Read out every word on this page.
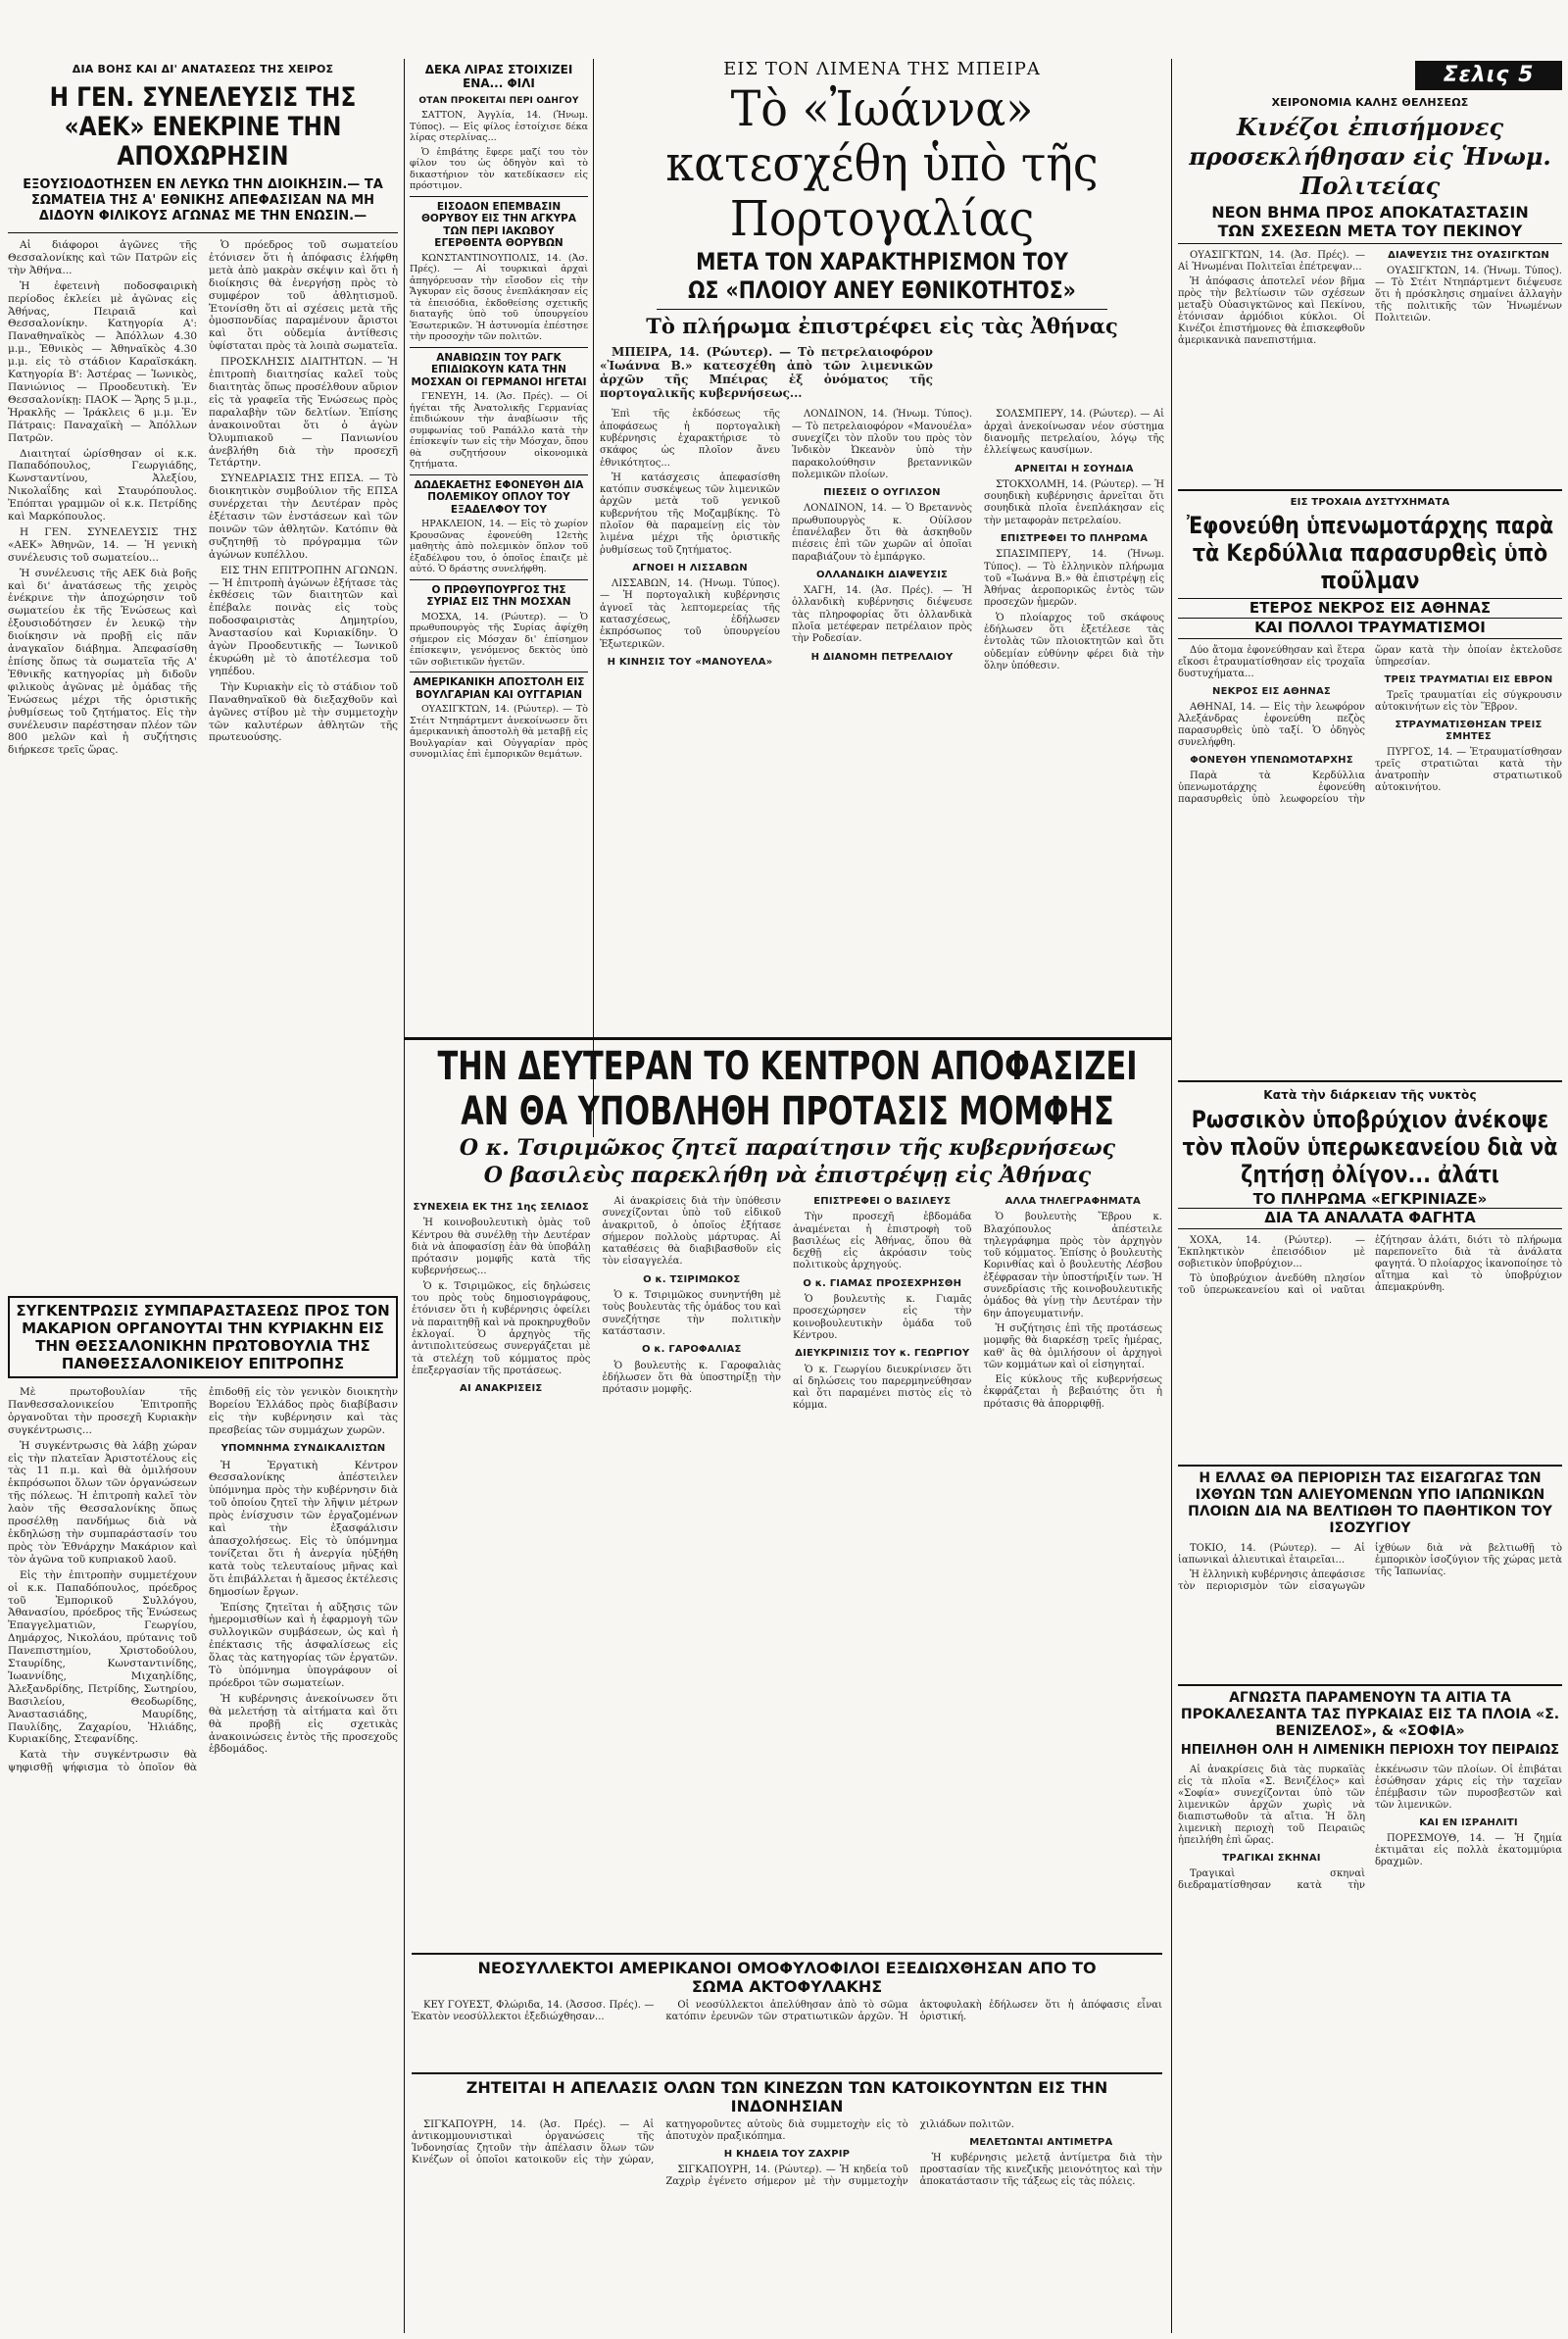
ΔΙΑ ΒΟΗΣ ΚΑΙ ΔΙ' ΑΝΑΤΑΣΕΩΣ ΤΗΣ ΧΕΙΡΟΣ
Η ΓΕΝ. ΣΥΝΕΛΕΥΣΙΣ ΤΗΣ «ΑΕΚ» ΕΝΕΚΡΙΝΕ ΤΗΝ ΑΠΟΧΩΡΗΣΙΝ
ΕΞΟΥΣΙΟΔΟΤΗΣΕΝ ΕΝ ΛΕΥΚΩ ΤΗΝ ΔΙΟΙΚΗΣΙΝ.— ΤΑ ΣΩΜΑΤΕΙΑ ΤΗΣ Α' ΕΘΝΙΚΗΣ ΑΠΕΦΑΣΙΣΑΝ ΝΑ ΜΗ ΔΙΔΟΥΝ ΦΙΛΙΚΟΥΣ ΑΓΩΝΑΣ ΜΕ ΤΗΝ ΕΝΩΣΙΝ.—

Αἱ διάφοροι ἀγῶνες τῆς Θεσσαλονίκης καὶ τῶν Πατρῶν εἰς τὴν Ἀθήνα...

Ἡ ἐφετεινὴ ποδοσφαιρικὴ περίοδος ἐκλείει μὲ ἀγῶνας εἰς Ἀθήνας, Πειραιᾶ καὶ Θεσσαλονίκην. Κατηγορία Α': Παναθηναϊκὸς — Ἀπόλλων 4.30 μ.μ., Ἐθνικὸς — Ἀθηναϊκὸς 4.30 μ.μ. εἰς τὸ στάδιον Καραϊσκάκη. Κατηγορία Β': Ἀστέρας — Ἰωνικὸς, Πανιώνιος — Προοδευτικὴ. Ἐν Θεσσαλονίκῃ: ΠΑΟΚ — Ἄρης 5 μ.μ., Ἡρακλῆς — Ἰράκλεις 6 μ.μ. Ἐν Πάτραις: Παναχαϊκὴ — Ἀπόλλων Πατρῶν.

Διαιτηταί ὡρίσθησαν οἱ κ.κ. Παπαδόπουλος, Γεωργιάδης, Κωνσταντίνου, Ἀλεξίου, Νικολαΐδης καὶ Σταυρόπουλος. Ἐπόπται γραμμῶν οἱ κ.κ. Πετρίδης καὶ Μαρκόπουλος.

Η ΓΕΝ. ΣΥΝΕΛΕΥΣΙΣ ΤΗΣ «ΑΕΚ» Ἀθηνῶν, 14. — Ἡ γενικὴ συνέλευσις τοῦ σωματείου...

Ἡ συνέλευσις τῆς ΑΕΚ διὰ βοῆς καὶ δι' ἀνατάσεως τῆς χειρὸς ἐνέκρινε τὴν ἀποχώρησιν τοῦ σωματείου ἐκ τῆς Ἐνώσεως καὶ ἐξουσιοδότησεν ἐν λευκῷ τὴν διοίκησιν νὰ προβῇ εἰς πᾶν ἀναγκαῖον διάβημα. Ἀπεφασίσθη ἐπίσης ὅπως τὰ σωματεῖα τῆς Α' Ἐθνικῆς κατηγορίας μὴ διδοῦν φιλικοὺς ἀγῶνας μὲ ὁμάδας τῆς Ἐνώσεως μέχρι τῆς ὁριστικῆς ῥυθμίσεως τοῦ ζητήματος. Εἰς τὴν συνέλευσιν παρέστησαν πλέον τῶν 800 μελῶν καὶ ἡ συζήτησις διήρκεσε τρεῖς ὥρας.

Ὁ πρόεδρος τοῦ σωματείου ἐτόνισεν ὅτι ἡ ἀπόφασις ἐλήφθη μετὰ ἀπὸ μακρὰν σκέψιν καὶ ὅτι ἡ διοίκησις θὰ ἐνεργήσῃ πρὸς τὸ συμφέρον τοῦ ἀθλητισμοῦ. Ἐτονίσθη ὅτι αἱ σχέσεις μετὰ τῆς ὁμοσπονδίας παραμένουν ἄριστοι καὶ ὅτι οὐδεμία ἀντίθεσις ὑφίσταται πρὸς τὰ λοιπὰ σωματεῖα.

ΠΡΟΣΚΛΗΣΙΣ ΔΙΑΙΤΗΤΩΝ. — Ἡ ἐπιτροπὴ διαιτησίας καλεῖ τοὺς διαιτητὰς ὅπως προσέλθουν αὔριον εἰς τὰ γραφεῖα τῆς Ἐνώσεως πρὸς παραλαβὴν τῶν δελτίων. Ἐπίσης ἀνακοινοῦται ὅτι ὁ ἀγὼν Ὀλυμπιακοῦ — Πανιωνίου ἀνεβλήθη διὰ τὴν προσεχῆ Τετάρτην.

ΣΥΝΕΔΡΙΑΣΙΣ ΤΗΣ ΕΠΣΑ. — Τὸ διοικητικὸν συμβούλιον τῆς ΕΠΣΑ συνέρχεται τὴν Δευτέραν πρὸς ἐξέτασιν τῶν ἐνστάσεων καὶ τῶν ποινῶν τῶν ἀθλητῶν. Κατόπιν θὰ συζητηθῇ τὸ πρόγραμμα τῶν ἀγώνων κυπέλλου.

ΕΙΣ ΤΗΝ ΕΠΙΤΡΟΠΗΝ ΑΓΩΝΩΝ. — Ἡ ἐπιτροπὴ ἀγώνων ἐξήτασε τὰς ἐκθέσεις τῶν διαιτητῶν καὶ ἐπέβαλε ποινὰς εἰς τοὺς ποδοσφαιριστὰς Δημητρίου, Ἀναστασίου καὶ Κυριακίδην. Ὁ ἀγὼν Προοδευτικῆς — Ἰωνικοῦ ἐκυρώθη μὲ τὸ ἀποτέλεσμα τοῦ γηπέδου.

Τὴν Κυριακὴν εἰς τὸ στάδιον τοῦ Παναθηναϊκοῦ θὰ διεξαχθοῦν καὶ ἀγῶνες στίβου μὲ τὴν συμμετοχὴν τῶν καλυτέρων ἀθλητῶν τῆς πρωτευούσης.

ΣΥΓΚΕΝΤΡΩΣΙΣ ΣΥΜΠΑΡΑΣΤΑΣΕΩΣ ΠΡΟΣ ΤΟΝ ΜΑΚΑΡΙΟΝ ΟΡΓΑΝΟΥΤΑΙ ΤΗΝ ΚΥΡΙΑΚΗΝ ΕΙΣ ΤΗΝ ΘΕΣΣΑΛΟΝΙΚΗΝ ΠΡΩΤΟΒΟΥΛΙΑ ΤΗΣ ΠΑΝΘΕΣΣΑΛΟΝΙΚΕΙΟΥ ΕΠΙΤΡΟΠΗΣ

Μὲ πρωτοβουλίαν τῆς Πανθεσσαλονικείου Ἐπιτροπῆς ὀργανοῦται τὴν προσεχῆ Κυριακὴν συγκέντρωσις...

Ἡ συγκέντρωσις θὰ λάβῃ χώραν εἰς τὴν πλατεῖαν Ἀριστοτέλους εἰς τὰς 11 π.μ. καὶ θὰ ὁμιλήσουν ἐκπρόσωποι ὅλων τῶν ὀργανώσεων τῆς πόλεως. Ἡ ἐπιτροπὴ καλεῖ τὸν λαὸν τῆς Θεσσαλονίκης ὅπως προσέλθῃ πανδήμως διὰ νὰ ἐκδηλώσῃ τὴν συμπαράστασίν του πρὸς τὸν Ἐθνάρχην Μακάριον καὶ τὸν ἀγῶνα τοῦ κυπριακοῦ λαοῦ.

Εἰς τὴν ἐπιτροπὴν συμμετέχουν οἱ κ.κ. Παπαδόπουλος, πρόεδρος τοῦ Ἐμπορικοῦ Συλλόγου, Ἀθανασίου, πρόεδρος τῆς Ἑνώσεως Ἐπαγγελματιῶν, Γεωργίου, Δημάρχος, Νικολάου, πρύτανις τοῦ Πανεπιστημίου, Χριστοδούλου, Σταυρίδης, Κωνσταντινίδης, Ἰωαννίδης, Μιχαηλίδης, Ἀλεξανδρίδης, Πετρίδης, Σωτηρίου, Βασιλείου, Θεοδωρίδης, Ἀναστασιάδης, Μαυρίδης, Παυλίδης, Ζαχαρίου, Ἠλιάδης, Κυριακίδης, Στεφανίδης.

Κατὰ τὴν συγκέντρωσιν θὰ ψηφισθῇ ψήφισμα τὸ ὁποῖον θὰ ἐπιδοθῇ εἰς τὸν γενικὸν διοικητὴν Βορείου Ἑλλάδος πρὸς διαβίβασιν εἰς τὴν κυβέρνησιν καὶ τὰς πρεσβείας τῶν συμμάχων χωρῶν.

ΥΠΟΜΝΗΜΑ ΣΥΝΔΙΚΑΛΙΣΤΩΝ

Ἡ Ἐργατικὴ Κέντρον Θεσσαλονίκης ἀπέστειλεν ὑπόμνημα πρὸς τὴν κυβέρνησιν διὰ τοῦ ὁποίου ζητεῖ τὴν λῆψιν μέτρων πρὸς ἐνίσχυσιν τῶν ἐργαζομένων καὶ τὴν ἐξασφάλισιν ἀπασχολήσεως. Εἰς τὸ ὑπόμνημα τονίζεται ὅτι ἡ ἀνεργία ηὐξήθη κατὰ τοὺς τελευταίους μῆνας καὶ ὅτι ἐπιβάλλεται ἡ ἄμεσος ἐκτέλεσις δημοσίων ἔργων.

Ἐπίσης ζητεῖται ἡ αὔξησις τῶν ἡμερομισθίων καὶ ἡ ἐφαρμογὴ τῶν συλλογικῶν συμβάσεων, ὡς καὶ ἡ ἐπέκτασις τῆς ἀσφαλίσεως εἰς ὅλας τὰς κατηγορίας τῶν ἐργατῶν. Τὸ ὑπόμνημα ὑπογράφουν οἱ πρόεδροι τῶν σωματείων.

Ἡ κυβέρνησις ἀνεκοίνωσεν ὅτι θὰ μελετήσῃ τὰ αἰτήματα καὶ ὅτι θὰ προβῇ εἰς σχετικὰς ἀνακοινώσεις ἐντὸς τῆς προσεχοῦς ἑβδομάδος.

ΔΕΚΑ ΛΙΡΑΣ ΣΤΟΙΧΙΖΕΙ ΕΝΑ... ΦΙΛΙ
ΟΤΑΝ ΠΡΟΚΕΙΤΑΙ ΠΕΡΙ ΟΔΗΓΟΥ

ΣΑΤΤΟΝ, Ἀγγλία, 14. (Ἡνωμ. Τύπος). — Εἰς φίλος ἐστοίχισε δέκα λίρας στερλίνας...

Ὁ ἐπιβάτης ἔφερε μαζί του τὸν φίλον του ὡς ὁδηγὸν καὶ τὸ δικαστήριον τὸν κατεδίκασεν εἰς πρόστιμον.

ΕΙΣΟΔΟΝ ΕΠΕΜΒΑΣΙΝ ΘΟΡΥΒΟΥ ΕΙΣ ΤΗΝ ΑΓΚΥΡΑ ΤΩΝ ΠΕΡΙ ΙΑΚΩΒΟΥ ΕΓΕΡΘΕΝΤΑ ΘΟΡΥΒΩΝ

ΚΩΝΣΤΑΝΤΙΝΟΥΠΟΛΙΣ, 14. (Ἀσ. Πρές). — Αἱ τουρκικαὶ ἀρχαὶ ἀπηγόρευσαν τὴν εἴσοδον εἰς τὴν Ἄγκυραν εἰς ὅσους ἐνεπλάκησαν εἰς τὰ ἐπεισόδια, ἐκδοθείσης σχετικῆς διαταγῆς ὑπὸ τοῦ ὑπουργείου Ἐσωτερικῶν. Ἡ ἀστυνομία ἐπέστησε τὴν προσοχὴν τῶν πολιτῶν.

ΑΝΑΒΙΩΣΙΝ ΤΟΥ ΡΑΓΚ ΕΠΙΔΙΩΚΟΥΝ ΚΑΤΑ ΤΗΝ ΜΟΣΧΑΝ ΟΙ ΓΕΡΜΑΝΟΙ ΗΓΕΤΑΙ

ΓΕΝΕΥΗ, 14. (Ἀσ. Πρές). — Οἱ ἡγέται τῆς Ἀνατολικῆς Γερμανίας ἐπιδιώκουν τὴν ἀναβίωσιν τῆς συμφωνίας τοῦ Ραπάλλο κατὰ τὴν ἐπίσκεψίν των εἰς τὴν Μόσχαν, ὅπου θὰ συζητήσουν οἰκονομικὰ ζητήματα.

ΔΩΔΕΚΑΕΤΗΣ ΕΦΟΝΕΥΘΗ ΔΙΑ ΠΟΛΕΜΙΚΟΥ ΟΠΛΟΥ ΤΟΥ ΕΞΑΔΕΛΦΟΥ ΤΟΥ

ΗΡΑΚΛΕΙΟΝ, 14. — Εἰς τὸ χωρίον Κρουσῶνας ἐφονεύθη 12ετὴς μαθητὴς ἀπὸ πολεμικὸν ὅπλον τοῦ ἐξαδέλφου του, ὁ ὁποῖος ἐπαιζε μὲ αὐτό. Ὁ δράστης συνελήφθη.

Ο ΠΡΩΘΥΠΟΥΡΓΟΣ ΤΗΣ ΣΥΡΙΑΣ ΕΙΣ ΤΗΝ ΜΟΣΧΑΝ

ΜΟΣΧΑ, 14. (Ρώυτερ). — Ὁ πρωθυπουργὸς τῆς Συρίας ἀφίχθη σήμερον εἰς Μόσχαν δι' ἐπίσημον ἐπίσκεψιν, γενόμενος δεκτὸς ὑπὸ τῶν σοβιετικῶν ἡγετῶν.

ΑΜΕΡΙΚΑΝΙΚΗ ΑΠΟΣΤΟΛΗ ΕΙΣ ΒΟΥΛΓΑΡΙΑΝ ΚΑΙ ΟΥΓΓΑΡΙΑΝ

ΟΥΑΣΙΓΚΤΩΝ, 14. (Ρώυτερ). — Τὸ Στέιτ Ντηπάρτμεντ ἀνεκοίνωσεν ὅτι ἀμερικανικὴ ἀποστολὴ θὰ μεταβῇ εἰς Βουλγαρίαν καὶ Οὐγγαρίαν πρὸς συνομιλίας ἐπὶ ἐμπορικῶν θεμάτων.

ΕΙΣ ΤΟΝ ΛΙΜΕΝΑ ΤΗΣ ΜΠΕΙΡΑ
Τὸ «Ἰωάννα» κατεσχέθη ὑπὸ τῆς Πορτογαλίας
ΜΕΤΑ ΤΟΝ ΧΑΡΑΚΤΗΡΙΣΜΟΝ ΤΟΥ
ΩΣ «ΠΛΟΙΟΥ ΑΝΕΥ ΕΘΝΙΚΟΤΗΤΟΣ»
Τὸ πλήρωμα ἐπιστρέφει εἰς τὰς Ἀθήνας

ΜΠΕΙΡΑ, 14. (Ρώυτερ). — Τὸ πετρελαιοφόρον «Ἰωάννα Β.» κατεσχέθη ἀπὸ τῶν λιμενικῶν ἀρχῶν τῆς Μπέιρας ἐξ ὀνόματος τῆς πορτογαλικῆς κυβερνήσεως...

Ἐπὶ τῆς ἐκδόσεως τῆς ἀποφάσεως ἡ πορτογαλικὴ κυβέρνησις ἐχαρακτήρισε τὸ σκάφος ὡς πλοῖον ἄνευ ἐθνικότητος...

Ἡ κατάσχεσις ἀπεφασίσθη κατόπιν συσκέψεως τῶν λιμενικῶν ἀρχῶν μετὰ τοῦ γενικοῦ κυβερνήτου τῆς Μοζαμβίκης. Τὸ πλοῖον θὰ παραμείνῃ εἰς τὸν λιμένα μέχρι τῆς ὁριστικῆς ῥυθμίσεως τοῦ ζητήματος.

ΑΓΝΟΕΙ Η ΛΙΣΣΑΒΩΝ

ΛΙΣΣΑΒΩΝ, 14. (Ἡνωμ. Τύπος). — Ἡ πορτογαλικὴ κυβέρνησις ἀγνοεῖ τὰς λεπτομερείας τῆς κατασχέσεως, ἐδήλωσεν ἐκπρόσωπος τοῦ ὑπουργείου Ἐξωτερικῶν.

Η ΚΙΝΗΣΙΣ ΤΟΥ «ΜΑΝΟΥΕΛΑ»

ΛΟΝΔΙΝΟΝ, 14. (Ἡνωμ. Τύπος). — Τὸ πετρελαιοφόρον «Μανουέλα» συνεχίζει τὸν πλοῦν του πρὸς τὸν Ἰνδικὸν Ὠκεανὸν ὑπὸ τὴν παρακολούθησιν βρεταννικῶν πολεμικῶν πλοίων.

ΠΙΕΣΕΙΣ Ο ΟΥΓΙΛΣΟΝ

ΛΟΝΔΙΝΟΝ, 14. — Ὁ Βρεταννὸς πρωθυπουργὸς κ. Οὐίλσον ἐπανέλαβεν ὅτι θὰ ἀσκηθοῦν πιέσεις ἐπὶ τῶν χωρῶν αἱ ὁποῖαι παραβιάζουν τὸ ἐμπάργκο.

ΟΛΛΑΝΔΙΚΗ ΔΙΑΨΕΥΣΙΣ

ΧΑΓΗ, 14. (Ἀσ. Πρές). — Ἡ ὁλλανδικὴ κυβέρνησις διέψευσε τὰς πληροφορίας ὅτι ὁλλανδικὰ πλοῖα μετέφεραν πετρέλαιον πρὸς τὴν Ροδεσίαν.

Η ΔΙΑΝΟΜΗ ΠΕΤΡΕΛΑΙΟΥ

ΣΟΛΣΜΠΕΡΥ, 14. (Ρώυτερ). — Αἱ ἀρχαὶ ἀνεκοίνωσαν νέον σύστημα διανομῆς πετρελαίου, λόγῳ τῆς ἐλλείψεως καυσίμων.

ΑΡΝΕΙΤΑΙ Η ΣΟΥΗΔΙΑ

ΣΤΟΚΧΟΛΜΗ, 14. (Ρώυτερ). — Ἡ σουηδικὴ κυβέρνησις ἀρνεῖται ὅτι σουηδικὰ πλοῖα ἐνεπλάκησαν εἰς τὴν μεταφορὰν πετρελαίου.

ΕΠΙΣΤΡΕΦΕΙ ΤΟ ΠΛΗΡΩΜΑ

ΣΠΑΣΙΜΠΕΡΥ, 14. (Ἡνωμ. Τύπος). — Τὸ ἑλληνικὸν πλήρωμα τοῦ «Ἰωάννα Β.» θὰ ἐπιστρέψῃ εἰς Ἀθήνας ἀεροπορικῶς ἐντὸς τῶν προσεχῶν ἡμερῶν.

Ὁ πλοίαρχος τοῦ σκάφους ἐδήλωσεν ὅτι ἐξετέλεσε τὰς ἐντολὰς τῶν πλοιοκτητῶν καὶ ὅτι οὐδεμίαν εὐθύνην φέρει διὰ τὴν ὅλην ὑπόθεσιν.

ΤΗΝ ΔΕΥΤΕΡΑΝ ΤΟ ΚΕΝΤΡΟΝ ΑΠΟΦΑΣΙΖΕΙ
ΑΝ ΘΑ ΥΠΟΒΛΗΘΗ ΠΡΟΤΑΣΙΣ ΜΟΜΦΗΣ
Ο κ. Τσιριμῶκος ζητεῖ παραίτησιν τῆς κυβερνήσεως
Ο βασιλεὺς παρεκλήθη νὰ ἐπιστρέψῃ εἰς Ἀθήνας
ΣΥΝΕΧΕΙΑ ΕΚ ΤΗΣ 1ης ΣΕΛΙΔΟΣ

Ἡ κοινοβουλευτικὴ ὁμὰς τοῦ Κέντρου θὰ συνέλθῃ τὴν Δευτέραν διὰ νὰ ἀποφασίσῃ ἐὰν θὰ ὑποβάλῃ πρότασιν μομφῆς κατὰ τῆς κυβερνήσεως...

Ὁ κ. Τσιριμῶκος, εἰς δηλώσεις του πρὸς τοὺς δημοσιογράφους, ἐτόνισεν ὅτι ἡ κυβέρνησις ὀφείλει νὰ παραιτηθῇ καὶ νὰ προκηρυχθοῦν ἐκλογαί. Ὁ ἀρχηγὸς τῆς ἀντιπολιτεύσεως συνεργάζεται μὲ τὰ στελέχη τοῦ κόμματος πρὸς ἐπεξεργασίαν τῆς προτάσεως.

ΑΙ ΑΝΑΚΡΙΣΕΙΣ

Αἱ ἀνακρίσεις διὰ τὴν ὑπόθεσιν συνεχίζονται ὑπὸ τοῦ εἰδικοῦ ἀνακριτοῦ, ὁ ὁποῖος ἐξήτασε σήμερον πολλοὺς μάρτυρας. Αἱ καταθέσεις θὰ διαβιβασθοῦν εἰς τὸν εἰσαγγελέα.

Ο κ. ΤΣΙΡΙΜΩΚΟΣ

Ὁ κ. Τσιριμῶκος συνηντήθη μὲ τοὺς βουλευτὰς τῆς ὁμάδος του καὶ συνεζήτησε τὴν πολιτικὴν κατάστασιν.

Ο κ. ΓΑΡΟΦΑΛΙΑΣ

Ὁ βουλευτὴς κ. Γαροφαλιὰς ἐδήλωσεν ὅτι θὰ ὑποστηρίξῃ τὴν πρότασιν μομφῆς.

ΕΠΙΣΤΡΕΦΕΙ Ο ΒΑΣΙΛΕΥΣ

Τὴν προσεχῆ ἑβδομάδα ἀναμένεται ἡ ἐπιστροφὴ τοῦ βασιλέως εἰς Ἀθήνας, ὅπου θὰ δεχθῇ εἰς ἀκρόασιν τοὺς πολιτικοὺς ἀρχηγούς.

Ο κ. ΓΙΑΜΑΣ ΠΡΟΣΕΧΡΗΣΘΗ

Ὁ βουλευτὴς κ. Γιαμᾶς προσεχώρησεν εἰς τὴν κοινοβουλευτικὴν ὁμάδα τοῦ Κέντρου.

ΔΙΕΥΚΡΙΝΙΣΙΣ ΤΟΥ κ. ΓΕΩΡΓΙΟΥ

Ὁ κ. Γεωργίου διευκρίνισεν ὅτι αἱ δηλώσεις του παρερμηνεύθησαν καὶ ὅτι παραμένει πιστὸς εἰς τὸ κόμμα.

ΑΛΛΑ ΤΗΛΕΓΡΑΦΗΜΑΤΑ

Ὁ βουλευτὴς Ἕβρου κ. Βλαχόπουλος ἀπέστειλε τηλεγράφημα πρὸς τὸν ἀρχηγὸν τοῦ κόμματος. Ἐπίσης ὁ βουλευτὴς Κορινθίας καὶ ὁ βουλευτὴς Λέσβου ἐξέφρασαν τὴν ὑποστήριξίν των. Ἡ συνεδρίασις τῆς κοινοβουλευτικῆς ὁμάδος θὰ γίνῃ τὴν Δευτέραν τὴν 6ην ἀπογευματινήν.

Ἡ συζήτησις ἐπὶ τῆς προτάσεως μομφῆς θὰ διαρκέσῃ τρεῖς ἡμέρας, καθ' ἃς θὰ ὁμιλήσουν οἱ ἀρχηγοὶ τῶν κομμάτων καὶ οἱ εἰσηγηταί.

Εἰς κύκλους τῆς κυβερνήσεως ἐκφράζεται ἡ βεβαιότης ὅτι ἡ πρότασις θὰ ἀπορριφθῇ.

ΝΕΟΣΥΛΛΕΚΤΟΙ ΑΜΕΡΙΚΑΝΟΙ ΟΜΟΦΥΛΟΦΙΛΟΙ ΕΞΕΔΙΩΧΘΗΣΑΝ ΑΠΟ ΤΟ ΣΩΜΑ ΑΚΤΟΦΥΛΑΚΗΣ

ΚΕΥ ΓΟΥΕΣΤ, Φλώριδα, 14. (Ἀσσοσ. Πρές). — Ἑκατὸν νεοσύλλεκτοι ἐξεδιώχθησαν...

Οἱ νεοσύλλεκτοι ἀπελύθησαν ἀπὸ τὸ σῶμα κατόπιν ἐρευνῶν τῶν στρατιωτικῶν ἀρχῶν. Ἡ ἀκτοφυλακὴ ἐδήλωσεν ὅτι ἡ ἀπόφασις εἶναι ὁριστική.

ΖΗΤΕΙΤΑΙ Η ΑΠΕΛΑΣΙΣ ΟΛΩΝ ΤΩΝ ΚΙΝΕΖΩΝ ΤΩΝ ΚΑΤΟΙΚΟΥΝΤΩΝ ΕΙΣ ΤΗΝ ΙΝΔΟΝΗΣΙΑΝ

ΣΙΓΚΑΠΟΥΡΗ, 14. (Ἀσ. Πρές). — Αἱ ἀντικομμουνιστικαὶ ὀργανώσεις τῆς Ἰνδονησίας ζητοῦν τὴν ἀπέλασιν ὅλων τῶν Κινέζων οἱ ὁποῖοι κατοικοῦν εἰς τὴν χώραν, κατηγοροῦντες αὐτοὺς διὰ συμμετοχὴν εἰς τὸ ἀποτυχὸν πραξικόπημα.

Η ΚΗΔΕΙΑ ΤΟΥ ΖΑΧΡΙΡ

ΣΙΓΚΑΠΟΥΡΗ, 14. (Ρώυτερ). — Ἡ κηδεία τοῦ Ζαχρὶρ ἐγένετο σήμερον μὲ τὴν συμμετοχὴν χιλιάδων πολιτῶν.

ΜΕΛΕΤΩΝΤΑΙ ΑΝΤΙΜΕΤΡΑ

Ἡ κυβέρνησις μελετᾷ ἀντίμετρα διὰ τὴν προστασίαν τῆς κινεζικῆς μειονότητος καὶ τὴν ἀποκατάστασιν τῆς τάξεως εἰς τὰς πόλεις.

Σελις 5
ΧΕΙΡΟΝΟΜΙΑ ΚΑΛΗΣ ΘΕΛΗΣΕΩΣ
Κινέζοι ἐπισήμονες προσεκλήθησαν εἰς Ἡνωμ. Πολιτείας
ΝΕΟΝ ΒΗΜΑ ΠΡΟΣ ΑΠΟΚΑΤΑΣΤΑΣΙΝ
ΤΩΝ ΣΧΕΣΕΩΝ ΜΕΤΑ ΤΟΥ ΠΕΚΙΝΟΥ

ΟΥΑΣΙΓΚΤΩΝ, 14. (Ἀσ. Πρές). — Αἱ Ἡνωμέναι Πολιτεῖαι ἐπέτρεψαν...

Ἡ ἀπόφασις ἀποτελεῖ νέον βῆμα πρὸς τὴν βελτίωσιν τῶν σχέσεων μεταξὺ Οὐασιγκτῶνος καὶ Πεκίνου, ἐτόνισαν ἀρμόδιοι κύκλοι. Οἱ Κινέζοι ἐπιστήμονες θὰ ἐπισκεφθοῦν ἀμερικανικὰ πανεπιστήμια.

ΔΙΑΨΕΥΣΙΣ ΤΗΣ ΟΥΑΣΙΓΚΤΩΝ

ΟΥΑΣΙΓΚΤΩΝ, 14. (Ἡνωμ. Τύπος). — Τὸ Στέιτ Ντηπάρτμεντ διέψευσε ὅτι ἡ πρόσκλησις σημαίνει ἀλλαγὴν τῆς πολιτικῆς τῶν Ἡνωμένων Πολιτειῶν.

ΕΙΣ ΤΡΟΧΑΙΑ ΔΥΣΤΥΧΗΜΑΤΑ
Ἐφονεύθη ὑπενωμοτάρχης παρὰ τὰ Κερδύλλια παρασυρθεὶς ὑπὸ ποῦλμαν
ΕΤΕΡΟΣ ΝΕΚΡΟΣ ΕΙΣ ΑΘΗΝΑΣ
ΚΑΙ ΠΟΛΛΟΙ ΤΡΑΥΜΑΤΙΣΜΟΙ

Δύο ἄτομα ἐφονεύθησαν καὶ ἕτερα εἴκοσι ἐτραυματίσθησαν εἰς τροχαῖα δυστυχήματα...

ΝΕΚΡΟΣ ΕΙΣ ΑΘΗΝΑΣ

ΑΘΗΝΑΙ, 14. — Εἰς τὴν λεωφόρον Ἀλεξάνδρας ἐφονεύθη πεζὸς παρασυρθεὶς ὑπὸ ταξί. Ὁ ὁδηγὸς συνελήφθη.

ΦΟΝΕΥΘΗ ΥΠΕΝΩΜΟΤΑΡΧΗΣ

Παρὰ τὰ Κερδύλλια ὑπενωμοτάρχης ἐφονεύθη παρασυρθεὶς ὑπὸ λεωφορείου τὴν ὥραν κατὰ τὴν ὁποίαν ἐκτελοῦσε ὑπηρεσίαν.

ΤΡΕΙΣ ΤΡΑΥΜΑΤΙΑΙ ΕΙΣ ΕΒΡΟΝ

Τρεῖς τραυματίαι εἰς σύγκρουσιν αὐτοκινήτων εἰς τὸν Ἕβρον.

ΣΤΡΑΥΜΑΤΙΣΘΗΣΑΝ ΤΡΕΙΣ ΣΜΗΤΕΣ

ΠΥΡΓΟΣ, 14. — Ἐτραυματίσθησαν τρεῖς στρατιῶται κατὰ τὴν ἀνατροπὴν στρατιωτικοῦ αὐτοκινήτου.

Κατὰ τὴν διάρκειαν τῆς νυκτὸς
Ρωσσικὸν ὑποβρύχιον ἀνέκοψε τὸν πλοῦν ὑπερωκεανείου διὰ νὰ ζητήσῃ ὀλίγον... ἀλάτι
ΤΟ ΠΛΗΡΩΜΑ «ΕΓΚΡΙΝΙΑΖΕ»
ΔΙΑ ΤΑ ΑΝΑΛΑΤΑ ΦΑΓΗΤΑ

ΧΟΧΑ, 14. (Ρώυτερ). — Ἐκπληκτικὸν ἐπεισόδιον μὲ σοβιετικὸν ὑποβρύχιον...

Τὸ ὑποβρύχιον ἀνεδύθη πλησίον τοῦ ὑπερωκεανείου καὶ οἱ ναῦται ἐζήτησαν ἀλάτι, διότι τὸ πλήρωμα παρεπονεῖτο διὰ τὰ ἀνάλατα φαγητά. Ὁ πλοίαρχος ἱκανοποίησε τὸ αἴτημα καὶ τὸ ὑποβρύχιον ἀπεμακρύνθη.

Η ΕΛΛΑΣ ΘΑ ΠΕΡΙΟΡΙΣΗ ΤΑΣ ΕΙΣΑΓΩΓΑΣ ΤΩΝ ΙΧΘΥΩΝ ΤΩΝ ΑΛΙΕΥΟΜΕΝΩΝ ΥΠΟ ΙΑΠΩΝΙΚΩΝ ΠΛΟΙΩΝ ΔΙΑ ΝΑ ΒΕΛΤΙΩΘΗ ΤΟ ΠΑΘΗΤΙΚΟΝ ΤΟΥ ΙΣΟΖΥΓΙΟΥ

ΤΟΚΙΟ, 14. (Ρώυτερ). — Αἱ ἰαπωνικαὶ ἁλιευτικαὶ ἑταιρεῖαι...

Ἡ ἑλληνικὴ κυβέρνησις ἀπεφάσισε τὸν περιορισμὸν τῶν εἰσαγωγῶν ἰχθύων διὰ νὰ βελτιωθῇ τὸ ἐμπορικὸν ἰσοζύγιον τῆς χώρας μετὰ τῆς Ἰαπωνίας.

ΑΓΝΩΣΤΑ ΠΑΡΑΜΕΝΟΥΝ ΤΑ ΑΙΤΙΑ ΤΑ ΠΡΟΚΑΛΕΣΑΝΤΑ ΤΑΣ ΠΥΡΚΑΙΑΣ ΕΙΣ ΤΑ ΠΛΟΙΑ «Σ. ΒΕΝΙΖΕΛΟΣ», & «ΣΟΦΙΑ»
ΗΠΕΙΛΗΘΗ ΟΛΗ Η ΛΙΜΕΝΙΚΗ ΠΕΡΙΟΧΗ ΤΟΥ ΠΕΙΡΑΙΩΣ

Αἱ ἀνακρίσεις διὰ τὰς πυρκαϊὰς εἰς τὰ πλοῖα «Σ. Βενιζέλος» καὶ «Σοφία» συνεχίζονται ὑπὸ τῶν λιμενικῶν ἀρχῶν χωρὶς νὰ διαπιστωθοῦν τὰ αἴτια. Ἡ ὅλη λιμενικὴ περιοχὴ τοῦ Πειραιῶς ἠπειλήθη ἐπὶ ὥρας.

ΤΡΑΓΙΚΑΙ ΣΚΗΝΑΙ

Τραγικαὶ σκηναὶ διεδραματίσθησαν κατὰ τὴν ἐκκένωσιν τῶν πλοίων. Οἱ ἐπιβάται ἐσώθησαν χάρις εἰς τὴν ταχεῖαν ἐπέμβασιν τῶν πυροσβεστῶν καὶ τῶν λιμενικῶν.

ΚΑΙ ΕΝ ΙΣΡΑΗΛΙΤΙ

ΠΟΡΕΣΜΟΥΘ, 14. — Ἡ ζημία ἐκτιμᾶται εἰς πολλὰ ἑκατομμύρια δραχμῶν.
